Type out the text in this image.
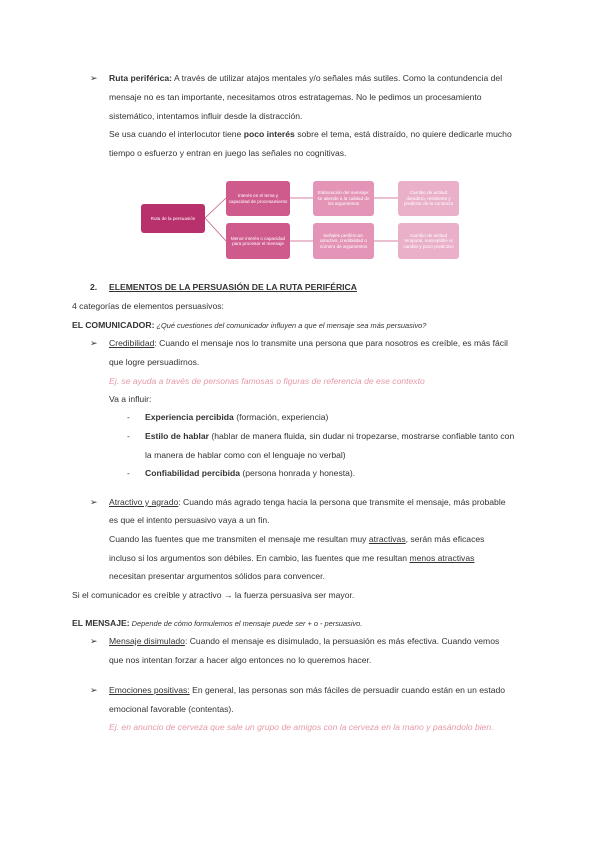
➢ Ruta periférica: A través de utilizar atajos mentales y/o señales más sutiles. Como la contundencia del
mensaje no es tan importante, necesitamos otros estratagemas. No le pedimos un procesamiento
sistemático, intentamos influir desde la distracción.
Se usa cuando el interlocutor tiene poco interés sobre el tema, está distraído, no quiere dedicarle mucho
tiempo o esfuerzo y entran en juego las señales no cognitivas.
Ruta de la persuasión
Interés en el tema y capacidad de procesamiento
Elaboración del mensaje: se atiende a la calidad de los argumentos
Cambio de actitud duradero, resistente y predictor de la conducta
Menor interés o capacidad para procesar el mensaje
Señales periféricas: atractivo, credibilidad o número de argumentos
Cambio de actitud temporal, susceptible al cambio y poco predictivo
2. ELEMENTOS DE LA PERSUASIÓN DE LA RUTA PERIFÉRICA
4 categorías de elementos persuasivos:
EL COMUNICADOR: ¿Qué cuestiones del comunicador influyen a que el mensaje sea más persuasivo?
➢ Credibilidad: Cuando el mensaje nos lo transmite una persona que para nosotros es creíble, es más fácil
que logre persuadirnos.
Ej. se ayuda a través de personas famosas o figuras de referencia de ese contexto
Va a influir:
- Experiencia percibida (formación, experiencia)
- Estilo de hablar (hablar de manera fluida, sin dudar ni tropezarse, mostrarse confiable tanto con
la manera de hablar como con el lenguaje no verbal)
- Confiabilidad percibida (persona honrada y honesta).
➢ Atractivo y agrado: Cuando más agrado tenga hacia la persona que transmite el mensaje, más probable
es que el intento persuasivo vaya a un fin.
Cuando las fuentes que me transmiten el mensaje me resultan muy atractivas, serán más eficaces
incluso si los argumentos son débiles. En cambio, las fuentes que me resultan menos atractivas
necesitan presentar argumentos sólidos para convencer.
Si el comunicador es creíble y atractivo → la fuerza persuasiva ser mayor.
EL MENSAJE: Depende de cómo formulemos el mensaje puede ser + o - persuasivo.
➢ Mensaje disimulado: Cuando el mensaje es disimulado, la persuasión es más efectiva. Cuando vemos
que nos intentan forzar a hacer algo entonces no lo queremos hacer.
➢ Emociones positivas: En general, las personas son más fáciles de persuadir cuando están en un estado
emocional favorable (contentas).
Ej. en anuncio de cerveza que sale un grupo de amigos con la cerveza en la mano y pasándolo bien.
